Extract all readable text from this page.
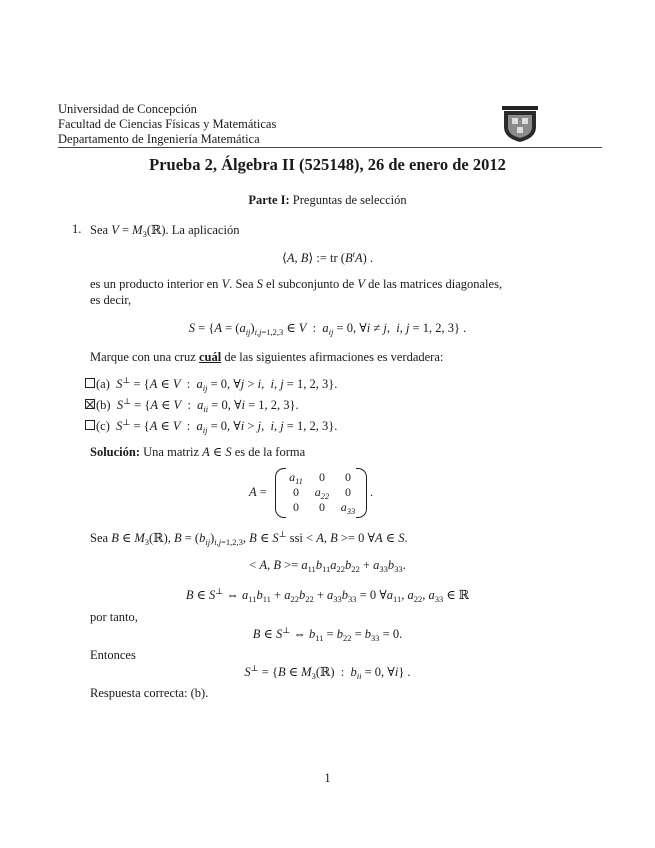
Universidad de Concepción
Facultad de Ciencias Físicas y Matemáticas
Departamento de Ingeniería Matemática
Prueba 2, Álgebra II (525148), 26 de enero de 2012
Parte I: Preguntas de selección
1. Sea $V = M_3(ℝ)$. La aplicación
⟨A, B⟩ := tr $(B^tA)$ .
es un producto interior en V. Sea S el subconjunto de V de las matrices diagonales,
es decir,
$S = \{A = (a_{ij})_{i,j=1,2,3}$ ∈ V  :  $a_{ij} = 0$, ∀i ≠ j,  i, j = 1, 2, 3} .
Marque con una cruz cuál de las siguientes afirmaciones es verdadera:
(a) S⊥ = {A ∈ V  :  $a_{ij} = 0$, ∀j > i,  i, j = 1, 2, 3}.
(b) S⊥ = {A ∈ V  :  $a_{ii} = 0$, ∀i = 1, 2, 3}.
(c) S⊥ = {A ∈ V  :  $a_{ij} = 0$, ∀i > j,  i, j = 1, 2, 3}.
Solución: Una matriz A ∈ S es de la forma
A =
$a_{11}$	0	0
0	$a_{22}$	0
0	0	$a_{33}$
.
Sea B ∈ $M_3(ℝ)$, $B = (b_{ij})_{i,j=1,2,3}$, B ∈ S⊥ ssi < A, B >= 0 ∀A ∈ S.
< A, $B >= a_{11}b_{11}a_{22}b_{22} + a_{33}b_{33}$.
B ∈ S⊥ ⇔ $a_{11}b_{11} + a_{22}b_{22} + a_{33}b_{33} = 0$ $\forall a_{11}$, $a_{22}$, $a_{33}$ ∈ ℝ
por tanto,
B ∈ S⊥ ⇔ $b_{11} = b_{22} = b_{33} = 0$.
Entonces
S⊥ = {B ∈ $M_3(ℝ)$  :  $b_{ii} = 0$, ∀i} .
Respuesta correcta: (b).
1
